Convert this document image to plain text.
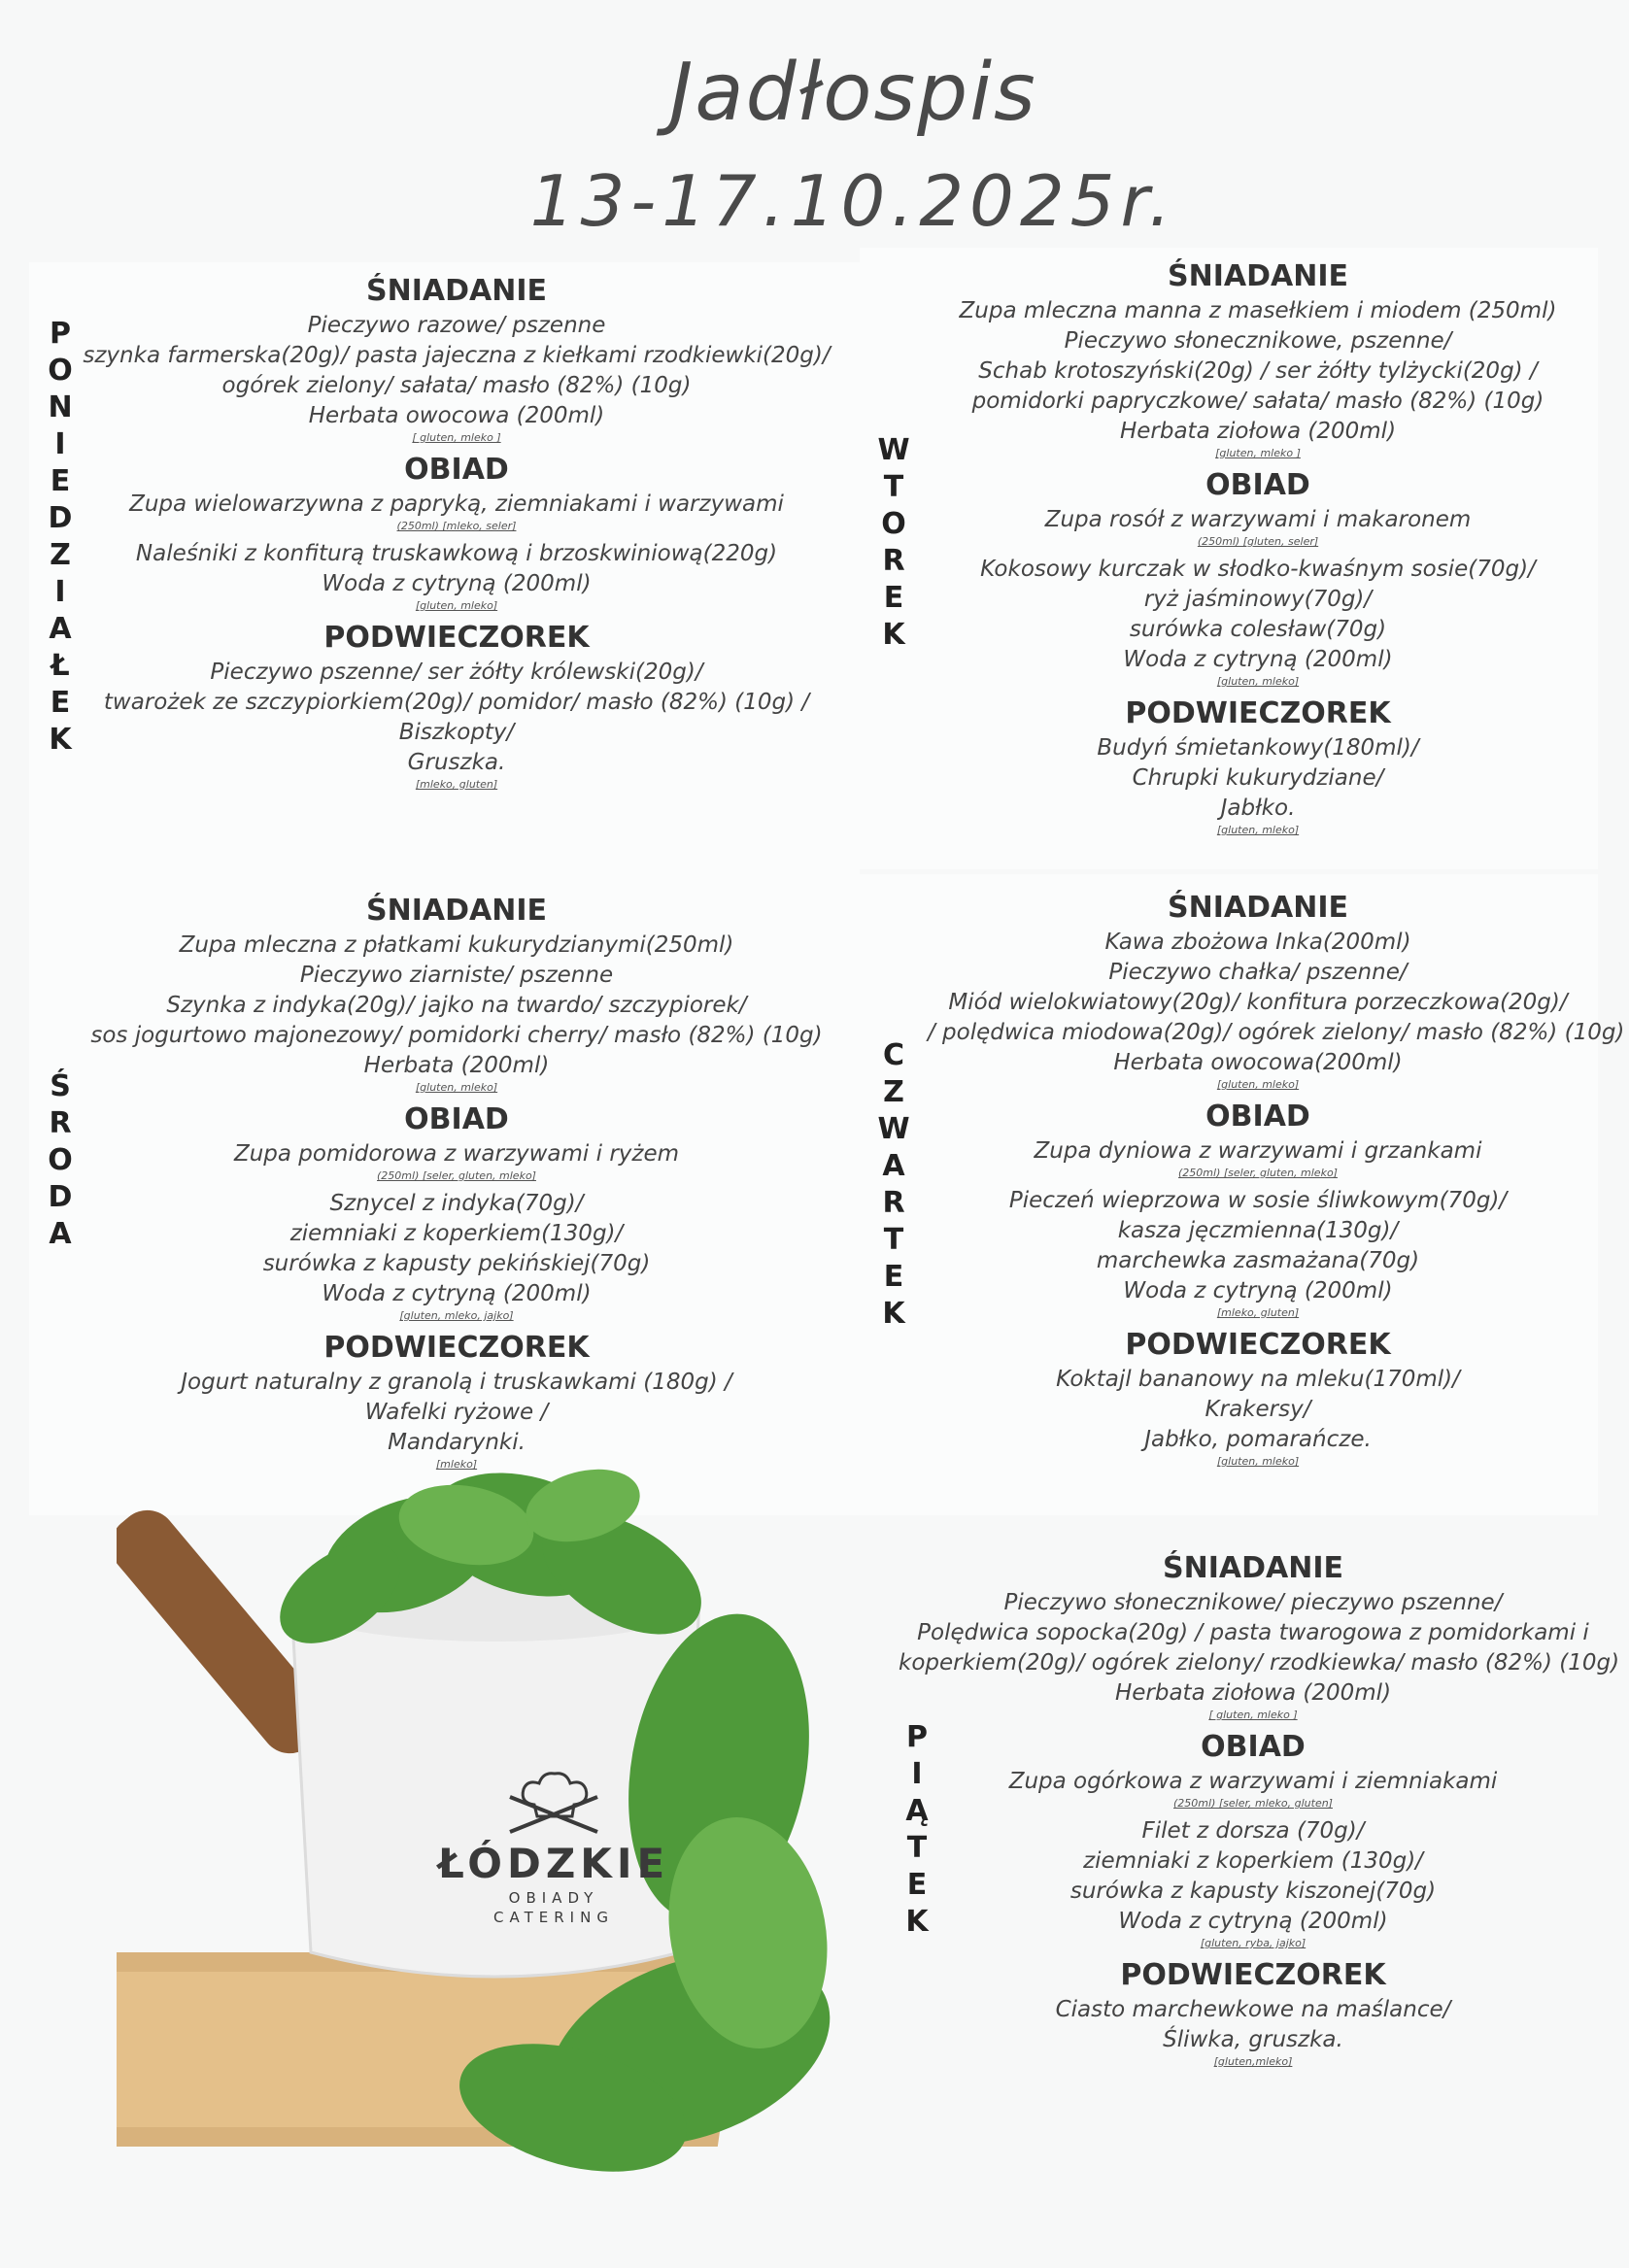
Jadłospis
13-17.10.2025r.
P
O
N
I
E
D
Z
I
A
Ł
E
K
W
T
O
R
E
K
Ś
R
O
D
A
C
Z
W
A
R
T
E
K
P
I
Ą
T
E
K

ŚNIADANIE

Pieczywo razowe/ pszenne

szynka farmerska(20g)/ pasta jajeczna z kiełkami rzodkiewki(20g)/

ogórek zielony/ sałata/ masło (82%) (10g)

Herbata owocowa (200ml)

[ gluten, mleko ]

OBIAD

Zupa wielowarzywna z papryką, ziemniakami i warzywami

(250ml) [mleko, seler]

Naleśniki z konfiturą truskawkową i brzoskwiniową(220g)

Woda z cytryną (200ml)

[gluten, mleko]

PODWIECZOREK

Pieczywo pszenne/ ser żółty królewski(20g)/

twarożek ze szczypiorkiem(20g)/ pomidor/ masło (82%) (10g) /

Biszkopty/

Gruszka.

[mleko, gluten]

ŚNIADANIE

Zupa mleczna manna z masełkiem i miodem (250ml)

Pieczywo słonecznikowe, pszenne/

Schab krotoszyński(20g) / ser żółty tylżycki(20g) /

pomidorki papryczkowe/ sałata/ masło (82%) (10g)

Herbata ziołowa (200ml)

[gluten, mleko ]

OBIAD

Zupa rosół z warzywami i makaronem

(250ml) [gluten, seler]

Kokosowy kurczak w słodko-kwaśnym sosie(70g)/

ryż jaśminowy(70g)/

surówka colesław(70g)

Woda z cytryną (200ml)

[gluten, mleko]

PODWIECZOREK

Budyń śmietankowy(180ml)/

Chrupki kukurydziane/

Jabłko.

[gluten, mleko]

ŚNIADANIE

Zupa mleczna z płatkami kukurydzianymi(250ml)

Pieczywo ziarniste/ pszenne

Szynka z indyka(20g)/ jajko na twardo/ szczypiorek/

sos jogurtowo majonezowy/ pomidorki cherry/ masło (82%) (10g)

Herbata (200ml)

[gluten, mleko]

OBIAD

Zupa pomidorowa z warzywami i ryżem

(250ml) [seler, gluten, mleko]

Sznycel z indyka(70g)/

ziemniaki z koperkiem(130g)/

surówka z kapusty pekińskiej(70g)

Woda z cytryną (200ml)

[gluten, mleko, jajko]

PODWIECZOREK

Jogurt naturalny z granolą i truskawkami (180g) /

Wafelki ryżowe /

Mandarynki.

[mleko]

ŚNIADANIE

Kawa zbożowa Inka(200ml)

Pieczywo chałka/ pszenne/

Miód wielokwiatowy(20g)/ konfitura porzeczkowa(20g)/

/ polędwica miodowa(20g)/ ogórek zielony/ masło (82%) (10g)

Herbata owocowa(200ml)

[gluten, mleko]

OBIAD

Zupa dyniowa z warzywami i grzankami

(250ml) [seler, gluten, mleko]

Pieczeń wieprzowa w sosie śliwkowym(70g)/

kasza jęczmienna(130g)/

marchewka zasmażana(70g)

Woda z cytryną (200ml)

[mleko, gluten]

PODWIECZOREK

Koktajl bananowy na mleku(170ml)/

Krakersy/

Jabłko, pomarańcze.

[gluten, mleko]

ŚNIADANIE

Pieczywo słonecznikowe/ pieczywo pszenne/

Polędwica sopocka(20g) / pasta twarogowa z pomidorkami i

koperkiem(20g)/ ogórek zielony/ rzodkiewka/ masło (82%) (10g)

Herbata ziołowa (200ml)

[ gluten, mleko ]

OBIAD

Zupa ogórkowa z warzywami i ziemniakami

(250ml) [seler, mleko, gluten]

Filet z dorsza (70g)/

ziemniaki z koperkiem (130g)/

surówka z kapusty kiszonej(70g)

Woda z cytryną (200ml)

[gluten, ryba, jajko]

PODWIECZOREK

Ciasto marchewkowe na maślance/

Śliwka, gruszka.

[gluten,mleko]
ŁÓDZKIE
OBIADY
CATERING
